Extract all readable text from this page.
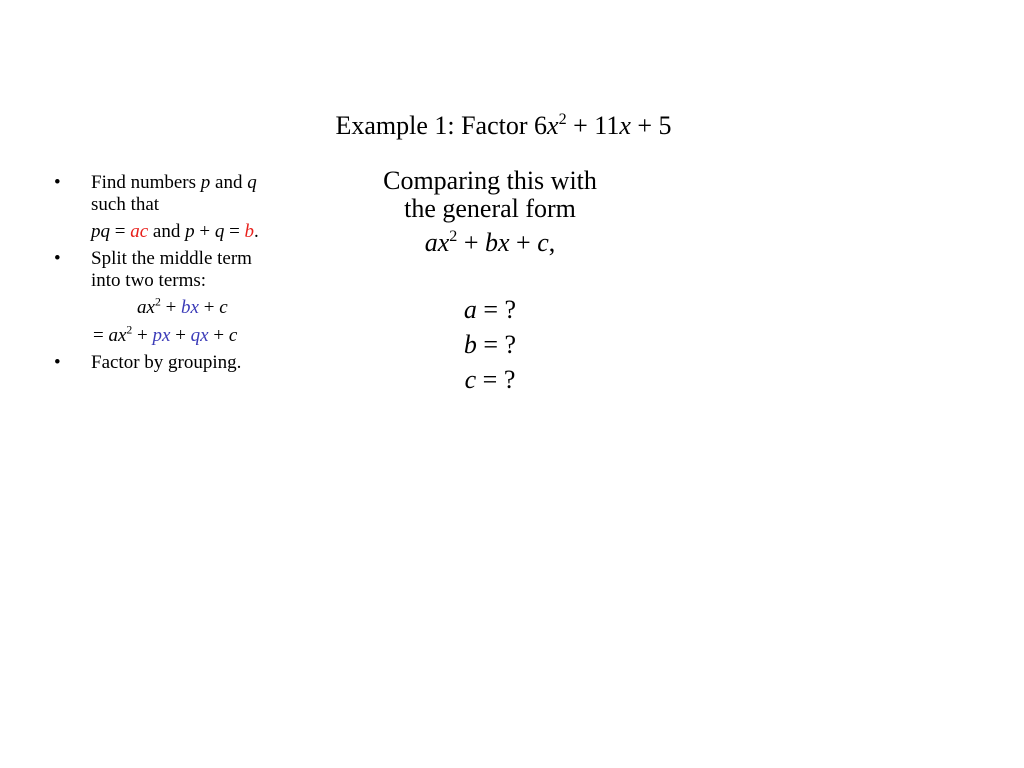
Example 1: Factor $6x^2 + 11x + 5$
• Find numbers p and q
such that
pq = ac and p + q = b.
• Split the middle term
into two terms:
$ax^2$ + bx + c
= $ax^2$ + px + qx + c
• Factor by grouping.
Comparing this with
the general form
$ax^2$ + bx + c,
a = ?
b = ?
c = ?
